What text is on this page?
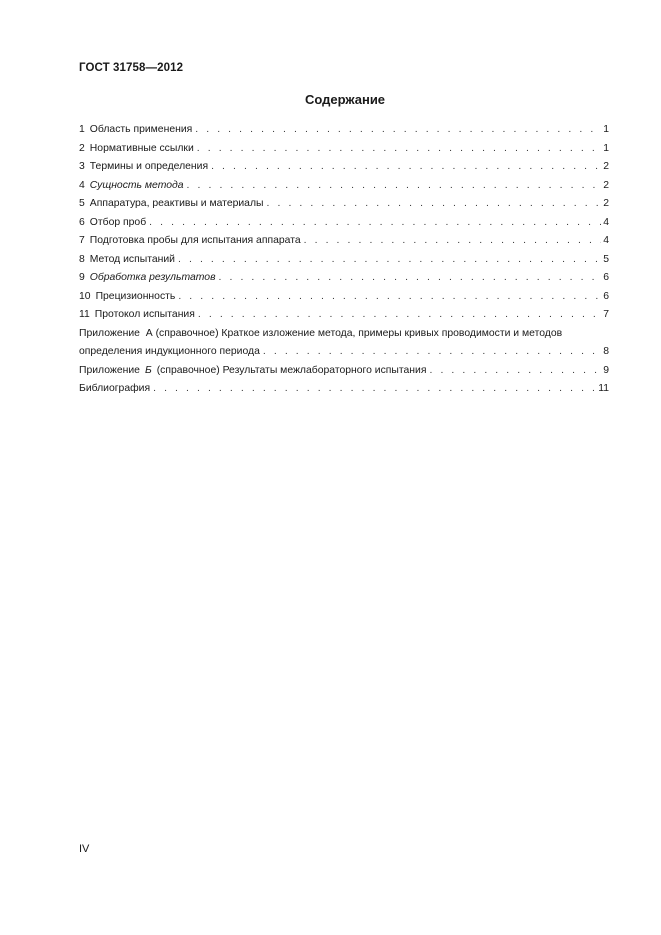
ГОСТ 31758—2012
Содержание
1 Область применения . . .	1
2 Нормативные ссылки . . .	1
3 Термины и определения . . .	2
4 Сущность метода . . .	2
5 Аппаратура, реактивы и материалы . . .	2
6 Отбор проб . . .	4
7 Подготовка пробы для испытания аппарата . . .	4
8 Метод испытаний . . .	5
9 Обработка результатов . . .	6
10 Прецизионность . . .	6
11 Протокол испытания . . .	7
Приложение А (справочное) Краткое изложение метода, примеры кривых проводимости и методов
определения индукционного периода . . .	8
Приложение Б (справочное) Результаты межлабораторного испытания . . .	9
Библиография . . .	11
IV
